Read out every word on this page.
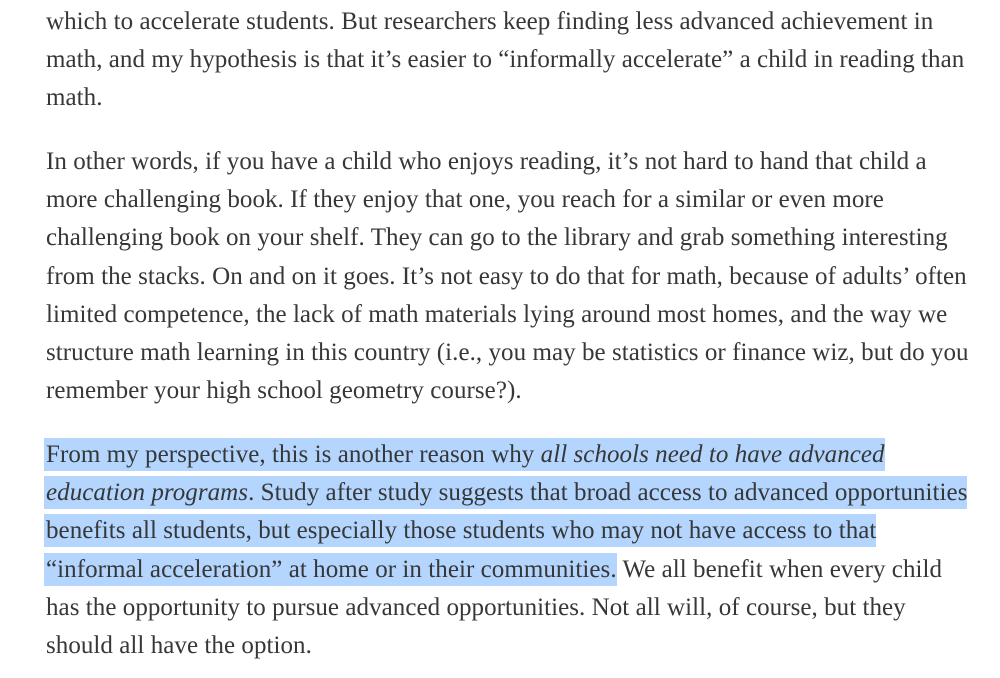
which to accelerate students. But researchers keep finding less advanced achievement in math, and my hypothesis is that it’s easier to “informally accelerate” a child in reading than math.

In other words, if you have a child who enjoys reading, it’s not hard to hand that child a more challenging book. If they enjoy that one, you reach for a similar or even more challenging book on your shelf. They can go to the library and grab something interesting from the stacks. On and on it goes. It’s not easy to do that for math, because of adults’ often limited competence, the lack of math materials lying around most homes, and the way we structure math learning in this country (i.e., you may be statistics or finance wiz, but do you remember your high school geometry course?).

From my perspective, this is another reason why all schools need to have advanced education programs. Study after study suggests that broad access to advanced opportunities benefits all students, but especially those students who may not have access to that “informal acceleration” at home or in their communities. We all benefit when every child has the opportunity to pursue advanced opportunities. Not all will, of course, but they should all have the option.
